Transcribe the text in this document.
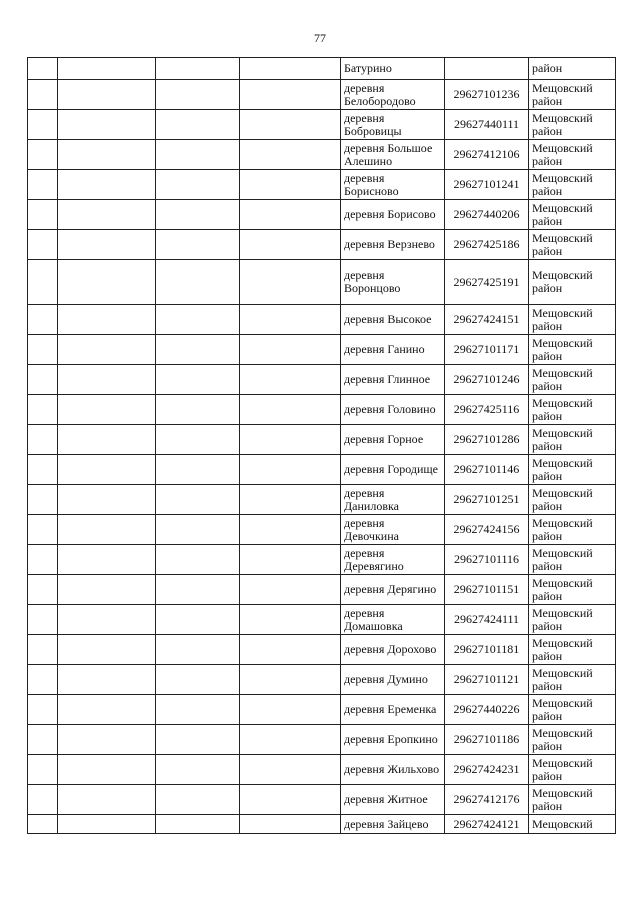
77
				Батурино		район
				деревня Белобородово	29627101236	Мещовский район
				деревня Бобровицы	29627440111	Мещовский район
				деревня Большое Алешино	29627412106	Мещовский район
				деревня Борисново	29627101241	Мещовский район
				деревня Борисово	29627440206	Мещовский район
				деревня Верзнево	29627425186	Мещовский район
				деревня Воронцово	29627425191	Мещовский район
				деревня Высокое	29627424151	Мещовский район
				деревня Ганино	29627101171	Мещовский район
				деревня Глинное	29627101246	Мещовский район
				деревня Головино	29627425116	Мещовский район
				деревня Горное	29627101286	Мещовский район
				деревня Городище	29627101146	Мещовский район
				деревня Даниловка	29627101251	Мещовский район
				деревня Девочкина	29627424156	Мещовский район
				деревня Деревягино	29627101116	Мещовский район
				деревня Дерягино	29627101151	Мещовский район
				деревня Домашовка	29627424111	Мещовский район
				деревня Дорохово	29627101181	Мещовский район
				деревня Думино	29627101121	Мещовский район
				деревня Еременка	29627440226	Мещовский район
				деревня Еропкино	29627101186	Мещовский район
				деревня Жильхово	29627424231	Мещовский район
				деревня Житное	29627412176	Мещовский район
				деревня Зайцево	29627424121	Мещовский
